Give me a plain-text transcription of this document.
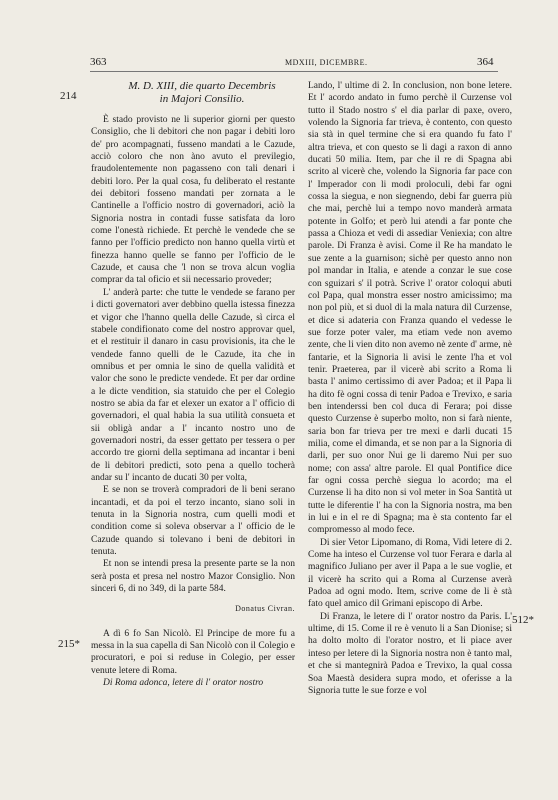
363	MDXIII, DICEMBRE.	364
214
215*
512*
M. D. XIII, die quarto Decembris
in Majori Consilio.

È stado provisto ne li superior giorni per questo Consiglio, che li debitori che non pagar i debiti loro de' pro acompagnati, fusseno mandati a le Cazude, acciò coloro che non àno avuto el previlegio, fraudolentemente non pagasseno con tali denari i debiti loro. Per la qual cosa, fu deliberato el restante dei debitori fosseno mandati per zornata a le Cantinelle a l'officio nostro di governadori, aciò la Signoria nostra in contadi fusse satisfata da loro come l'onestà richiede. Et perchè le vendede che se fanno per l'officio predicto non hanno quella virtù et finezza hanno quelle se fanno per l'officio de le Cazude, et causa che 'l non se trova alcun voglia comprar da tal oficio et sii necessario proveder;

L' anderà parte: che tutte le vendede se farano per i dicti governatori aver debbino quella istessa finezza et vigor che l'hanno quella delle Cazude, sì circa el stabele condifionato come del nostro approvar quel, et el restituir il danaro in casu provisionis, ita che le vendede fanno quelli de le Cazude, ita che in omnibus et per omnia le sino de quella validità et valor che sono le predicte vendede. Et per dar ordine a le dicte vendition, sia statuido che per el Colegio nostro se abia da far et elexer un exator a l' officio di governadori, el qual habia la sua utilità consueta et sii obligà andar a l' incanto nostro uno de governadori nostri, da esser gettato per tessera o per accordo tre giorni della septimana ad incantar i beni de li debitori predicti, soto pena a quello tocherà andar su l' incanto de ducati 30 per volta,

E se non se troverà compradori de li beni serano incantadi, et da poi el terzo incanto, siano soli in tenuta in la Signoria nostra, cum quelli modi et condition come si soleva observar a l' officio de le Cazude quando si tolevano i beni de debitori in tenuta.

Et non se intendi presa la presente parte se la non serà posta et presa nel nostro Mazor Consiglio. Non sinceri 6, di no 349, di la parte 584.

Donatus Civran.

A dì 6 fo San Nicolò. El Principe de more fu a messa in la sua capella di San Nicolò con il Colegio e procuratori, e poi si reduse in Colegio, per esser venute letere di Roma.

Di Roma adonca, letere di l' orator nostro

Lando, l' ultime di 2. In conclusion, non bone letere. Et l' acordo andato in fumo perchè il Curzense vol tutto il Stado nostro s' el dia parlar di paxe, overo, volendo la Signoria far trieva, è contento, con questo sia stà in quel termine che si era quando fu fato l' altra trieva, et con questo se li dagi a raxon di anno ducati 50 milia. Item, par che il re di Spagna abi scrito al vicerè che, volendo la Signoria far pace con l' Imperador con li modi proloculi, debi far ogni cossa la siegua, e non siegnendo, debi far guerra più che mai, perchè lui a tempo novo manderà armata potente in Golfo; et però lui atendi a far ponte che passa a Chioza et vedi di assediar Veniexia; con altre parole. Di Franza è avisi. Come il Re ha mandato le sue zente a la guarnison; sichè per questo anno non pol mandar in Italia, e atende a conzar le sue cose con sguizari s' il potrà. Scrive l' orator coloqui abuti col Papa, qual monstra esser nostro amicissimo; ma non pol più, et si duol di la mala natura dil Curzense, et dice si adateria con Franza quando el vedesse le sue forze poter valer, ma etiam vede non avemo zente, che li vien dito non avemo nè zente d' arme, nè fantarie, et la Signoria li avisi le zente l'ha et vol tenir. Praeterea, par il vicerè abi scrito a Roma li basta l' animo certissimo di aver Padoa; et il Papa li ha dito fè ogni cossa di tenir Padoa e Trevixo, e saria ben intenderssi ben col duca di Ferara; poi disse questo Curzense è superbo molto, non si farà niente, saria bon far trieva per tre mexi e darli ducati 15 milia, come el dimanda, et se non par a la Signoria di darli, per suo onor Nui ge li daremo Nui per suo nome; con assa' altre parole. El qual Pontifice dice far ogni cossa perchè siegua lo acordo; ma el Curzense li ha dito non si vol meter in Soa Santità ut tutte le diferentie l' ha con la Signoria nostra, ma ben in lui e in el re di Spagna; ma è sta contento far el compromesso al modo fece.

Di sier Vetor Lipomano, di Roma, Vidi letere di 2. Come ha inteso el Curzense vol tuor Ferara e darla al magnifico Juliano per aver il Papa a le sue voglie, et il vicerè ha scrito qui a Roma al Curzense averà Padoa ad ogni modo. Item, scrive come de li è stà fato quel amico dil Grimani episcopo di Arbe.

Di Franza, le letere di l' orator nostro da Paris. L' ultime, di 15. Come il re è venuto li a San Dionise; si ha dolto molto di l'orator nostro, et li piace aver inteso per letere di la Signoria nostra non è tanto mal, et che si mantegnirà Padoa e Trevixo, la qual cossa Soa Maestà desidera supra modo, et oferisse a la Signoria tutte le sue forze e vol
